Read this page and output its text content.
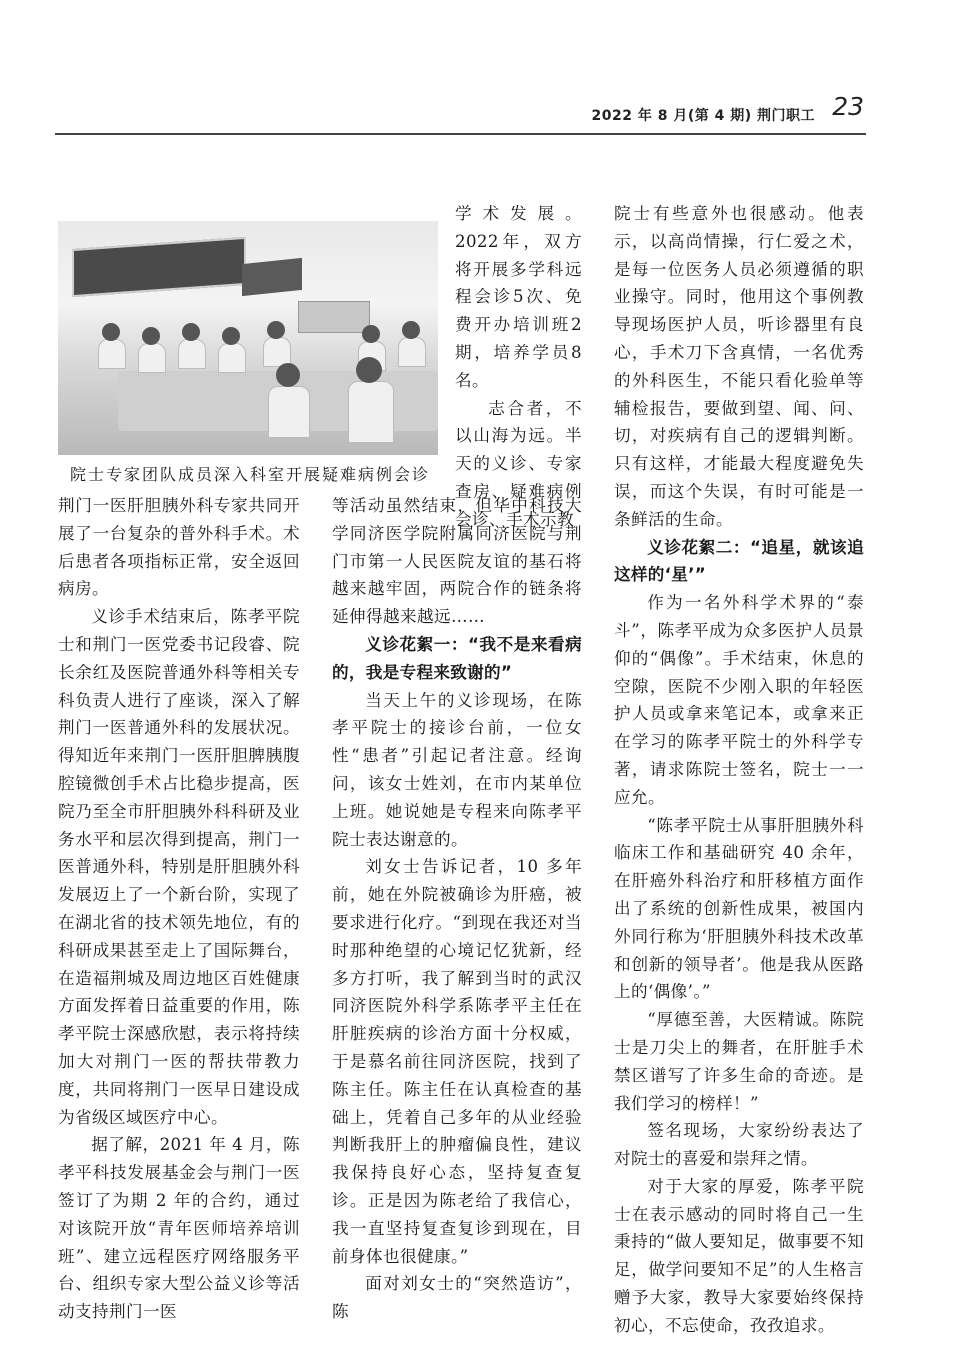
2022 年 8 月(第 4 期) 荆门职工 23
院士专家团队成员深入科室开展疑难病例会诊

学术发展。2022年，双方将开展多学科远程会诊5次、免费开办培训班2期，培养学员8名。

志合者，不以山海为远。半天的义诊、专家查房、疑难病例会诊、手术示教

荆门一医肝胆胰外科专家共同开展了一台复杂的普外科手术。术后患者各项指标正常，安全返回病房。

义诊手术结束后，陈孝平院士和荆门一医党委书记段睿、院长余红及医院普通外科等相关专科负责人进行了座谈，深入了解荆门一医普通外科的发展状况。得知近年来荆门一医肝胆脾胰腹腔镜微创手术占比稳步提高，医院乃至全市肝胆胰外科科研及业务水平和层次得到提高，荆门一医普通外科，特别是肝胆胰外科发展迈上了一个新台阶，实现了在湖北省的技术领先地位，有的科研成果甚至走上了国际舞台，在造福荆城及周边地区百姓健康方面发挥着日益重要的作用，陈孝平院士深感欣慰，表示将持续加大对荆门一医的帮扶带教力度，共同将荆门一医早日建设成为省级区域医疗中心。

据了解，2021 年 4 月，陈孝平科技发展基金会与荆门一医签订了为期 2 年的合约，通过对该院开放“青年医师培养培训班”、建立远程医疗网络服务平台、组织专家大型公益义诊等活动支持荆门一医

等活动虽然结束，但华中科技大学同济医学院附属同济医院与荆门市第一人民医院友谊的基石将越来越牢固，两院合作的链条将延伸得越来越远……

义诊花絮一：“我不是来看病的，我是专程来致谢的”

当天上午的义诊现场，在陈孝平院士的接诊台前，一位女性“患者”引起记者注意。经询问，该女士姓刘，在市内某单位上班。她说她是专程来向陈孝平院士表达谢意的。

刘女士告诉记者，10 多年前，她在外院被确诊为肝癌，被要求进行化疗。“到现在我还对当时那种绝望的心境记忆犹新，经多方打听，我了解到当时的武汉同济医院外科学系陈孝平主任在肝脏疾病的诊治方面十分权威，于是慕名前往同济医院，找到了陈主任。陈主任在认真检查的基础上，凭着自己多年的从业经验判断我肝上的肿瘤偏良性，建议我保持良好心态，坚持复查复诊。正是因为陈老给了我信心，我一直坚持复查复诊到现在，目前身体也很健康。”

面对刘女士的“突然造访”，陈

院士有些意外也很感动。他表示，以高尚情操，行仁爱之术，是每一位医务人员必须遵循的职业操守。同时，他用这个事例教导现场医护人员，听诊器里有良心，手术刀下含真情，一名优秀的外科医生，不能只看化验单等辅检报告，要做到望、闻、问、切，对疾病有自己的逻辑判断。只有这样，才能最大程度避免失误，而这个失误，有时可能是一条鲜活的生命。

义诊花絮二：“追星，就该追这样的‘星’”

作为一名外科学术界的“泰斗”，陈孝平成为众多医护人员景仰的“偶像”。手术结束，休息的空隙，医院不少刚入职的年轻医护人员或拿来笔记本，或拿来正在学习的陈孝平院士的外科学专著，请求陈院士签名，院士一一应允。

“陈孝平院士从事肝胆胰外科临床工作和基础研究 40 余年，在肝癌外科治疗和肝移植方面作出了系统的创新性成果，被国内外同行称为‘肝胆胰外科技术改革和创新的领导者’。他是我从医路上的‘偶像’。”

“厚德至善，大医精诚。陈院士是刀尖上的舞者，在肝脏手术禁区谱写了许多生命的奇迹。是我们学习的榜样！”

签名现场，大家纷纷表达了对院士的喜爱和崇拜之情。

对于大家的厚爱，陈孝平院士在表示感动的同时将自己一生秉持的“做人要知足，做事要不知足，做学问要知不足”的人生格言赠予大家，教导大家要始终保持初心，不忘使命，孜孜追求。
